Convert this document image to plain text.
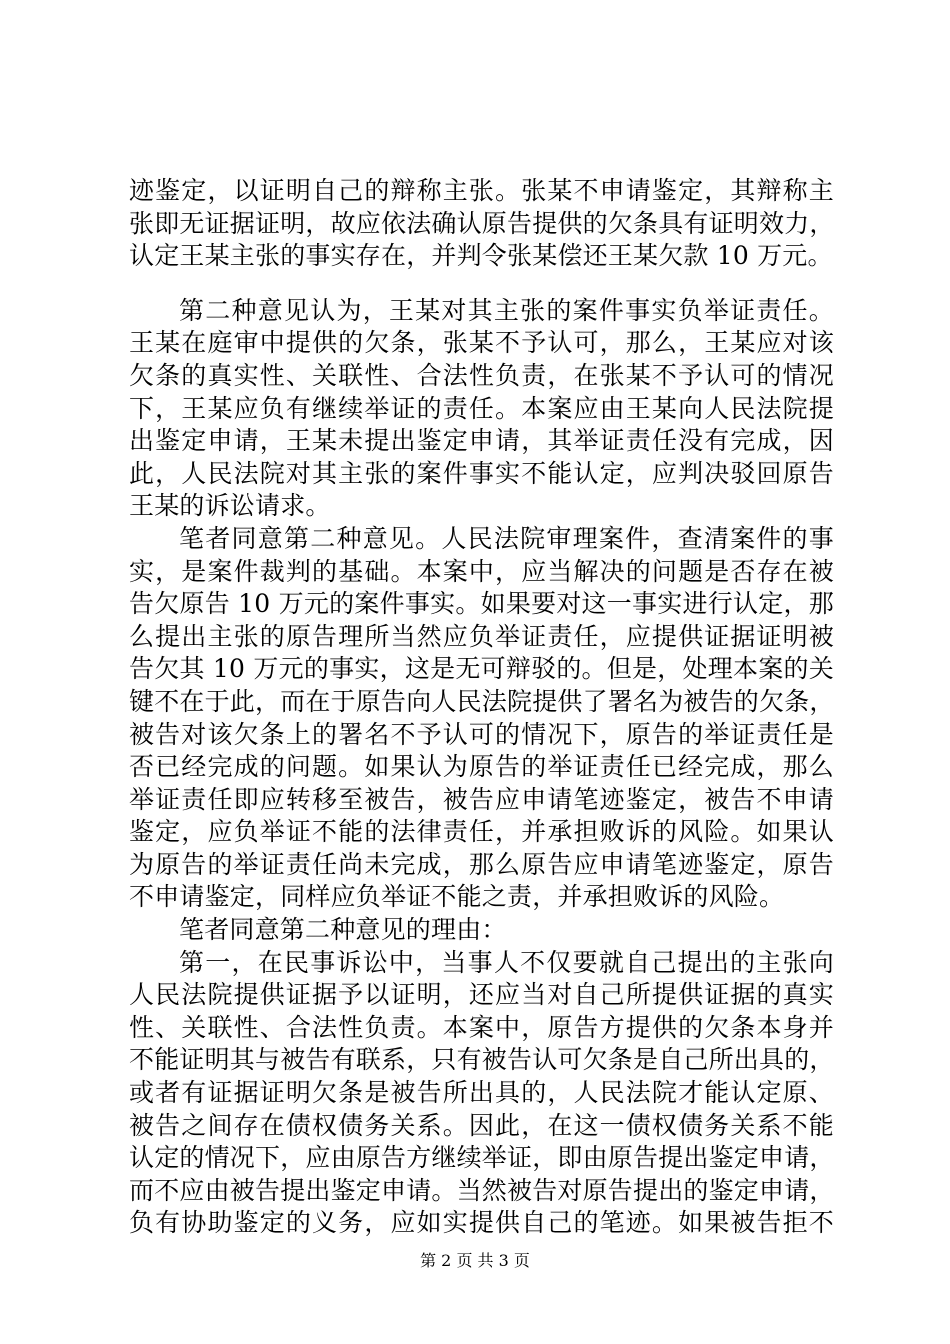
迹鉴定，以证明自己的辩称主张。张某不申请鉴定，其辩称主
张即无证据证明，故应依法确认原告提供的欠条具有证明效力，
认定王某主张的事实存在，并判令张某偿还王某欠款 10 万元。
第二种意见认为，王某对其主张的案件事实负举证责任。
王某在庭审中提供的欠条，张某不予认可，那么，王某应对该
欠条的真实性、关联性、合法性负责，在张某不予认可的情况
下，王某应负有继续举证的责任。本案应由王某向人民法院提
出鉴定申请，王某未提出鉴定申请，其举证责任没有完成，因
此，人民法院对其主张的案件事实不能认定，应判决驳回原告
王某的诉讼请求。
笔者同意第二种意见。人民法院审理案件，查清案件的事
实，是案件裁判的基础。本案中，应当解决的问题是否存在被
告欠原告 10 万元的案件事实。如果要对这一事实进行认定，那
么提出主张的原告理所当然应负举证责任，应提供证据证明被
告欠其 10 万元的事实，这是无可辩驳的。但是，处理本案的关
键不在于此，而在于原告向人民法院提供了署名为被告的欠条，
被告对该欠条上的署名不予认可的情况下，原告的举证责任是
否已经完成的问题。如果认为原告的举证责任已经完成，那么
举证责任即应转移至被告，被告应申请笔迹鉴定，被告不申请
鉴定，应负举证不能的法律责任，并承担败诉的风险。如果认
为原告的举证责任尚未完成，那么原告应申请笔迹鉴定，原告
不申请鉴定，同样应负举证不能之责，并承担败诉的风险。
笔者同意第二种意见的理由：
第一，在民事诉讼中，当事人不仅要就自己提出的主张向
人民法院提供证据予以证明，还应当对自己所提供证据的真实
性、关联性、合法性负责。本案中，原告方提供的欠条本身并
不能证明其与被告有联系，只有被告认可欠条是自己所出具的，
或者有证据证明欠条是被告所出具的，人民法院才能认定原、
被告之间存在债权债务关系。因此，在这一债权债务关系不能
认定的情况下，应由原告方继续举证，即由原告提出鉴定申请，
而不应由被告提出鉴定申请。当然被告对原告提出的鉴定申请，
负有协助鉴定的义务，应如实提供自己的笔迹。如果被告拒不
第 2 页 共 3 页
